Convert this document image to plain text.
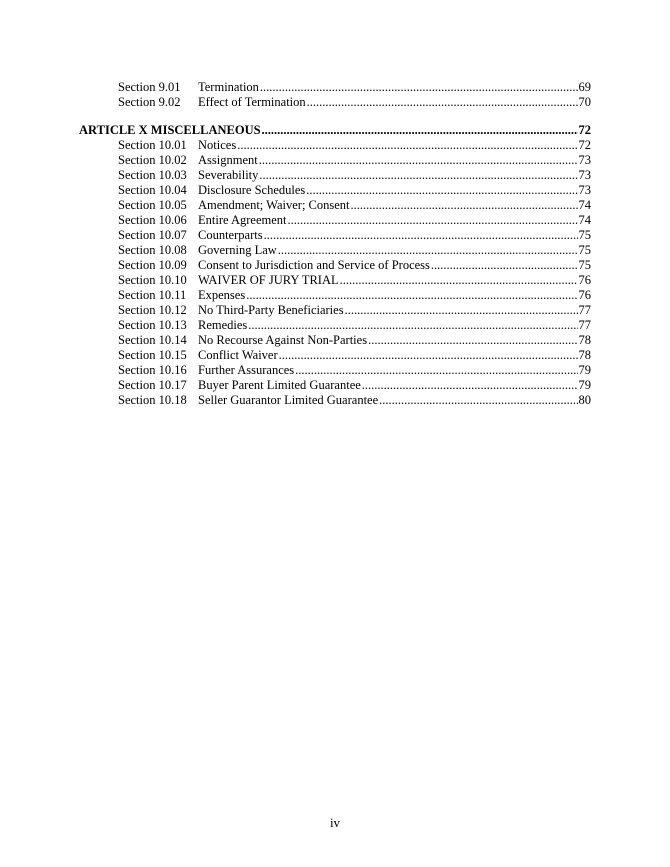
Section 9.01	Termination .....	69
Section 9.02	Effect of Termination .....	70
ARTICLE X MISCELLANEOUS .....	72
Section 10.01 Notices .....	72
Section 10.02 Assignment .....	73
Section 10.03 Severability .....	73
Section 10.04 Disclosure Schedules .....	73
Section 10.05 Amendment; Waiver; Consent .....	74
Section 10.06 Entire Agreement .....	74
Section 10.07 Counterparts .....	75
Section 10.08 Governing Law .....	75
Section 10.09 Consent to Jurisdiction and Service of Process .....	75
Section 10.10 WAIVER OF JURY TRIAL .....	76
Section 10.11 Expenses .....	76
Section 10.12 No Third-Party Beneficiaries .....	77
Section 10.13 Remedies .....	77
Section 10.14 No Recourse Against Non-Parties .....	78
Section 10.15 Conflict Waiver .....	78
Section 10.16 Further Assurances .....	79
Section 10.17 Buyer Parent Limited Guarantee .....	79
Section 10.18 Seller Guarantor Limited Guarantee .....	80
iv
